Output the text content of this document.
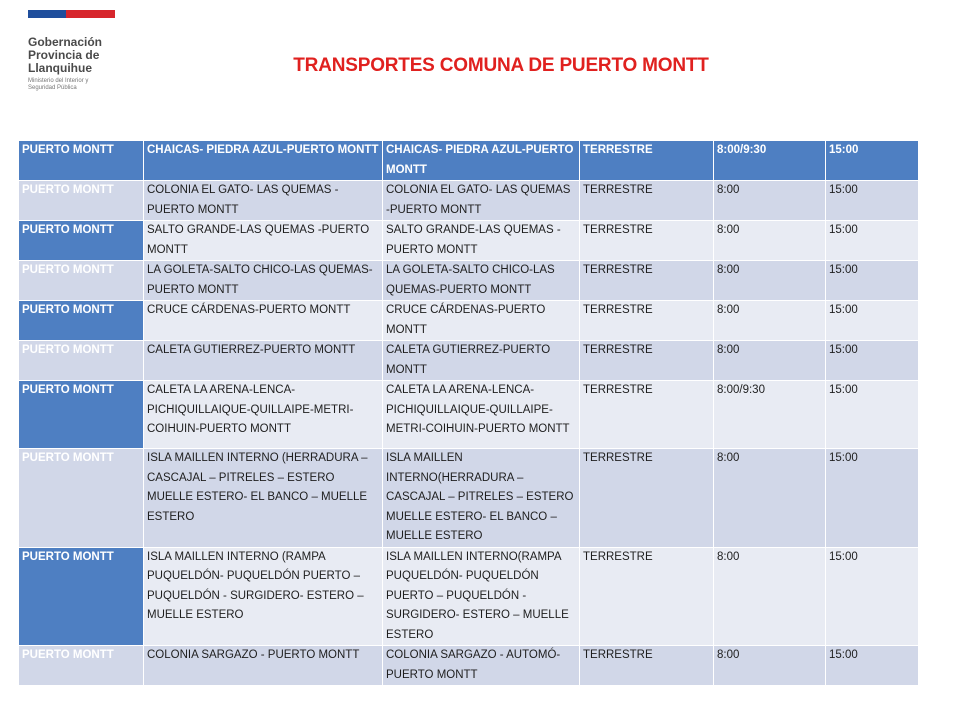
Gobernación
Provincia de
Llanquihue
Ministerio del Interior y
Seguridad Pública
TRANSPORTES COMUNA DE PUERTO MONTT
PUERTO MONTT	CHAICAS- PIEDRA AZUL-PUERTO MONTT	CHAICAS- PIEDRA AZUL-PUERTO MONTT	TERRESTRE	8:00/9:30	15:00
PUERTO MONTT	COLONIA EL GATO- LAS QUEMAS - PUERTO MONTT	COLONIA EL GATO- LAS QUEMAS -PUERTO MONTT	TERRESTRE	8:00	15:00
PUERTO MONTT	SALTO GRANDE-LAS QUEMAS -PUERTO MONTT	SALTO GRANDE-LAS QUEMAS - PUERTO MONTT	TERRESTRE	8:00	15:00
PUERTO MONTT	LA GOLETA-SALTO CHICO-LAS QUEMAS-PUERTO MONTT	LA GOLETA-SALTO CHICO-LAS QUEMAS-PUERTO MONTT	TERRESTRE	8:00	15:00
PUERTO MONTT	CRUCE CÁRDENAS-PUERTO MONTT	CRUCE CÁRDENAS-PUERTO MONTT	TERRESTRE	8:00	15:00
PUERTO MONTT	CALETA GUTIERREZ-PUERTO MONTT	CALETA GUTIERREZ-PUERTO MONTT	TERRESTRE	8:00	15:00
PUERTO MONTT	CALETA LA ARENA-LENCA-PICHIQUILLAIQUE-QUILLAIPE-METRI-COIHUIN-PUERTO MONTT	CALETA LA ARENA-LENCA-PICHIQUILLAIQUE-QUILLAIPE-METRI-COIHUIN-PUERTO MONTT	TERRESTRE	8:00/9:30	15:00
PUERTO MONTT	ISLA MAILLEN INTERNO (HERRADURA – CASCAJAL – PITRELES – ESTERO MUELLE ESTERO- EL BANCO – MUELLE ESTERO	ISLA MAILLEN INTERNO(HERRADURA – CASCAJAL – PITRELES – ESTERO MUELLE ESTERO- EL BANCO – MUELLE ESTERO	TERRESTRE	8:00	15:00
PUERTO MONTT	ISLA MAILLEN INTERNO (RAMPA PUQUELDÓN- PUQUELDÓN PUERTO – PUQUELDÓN - SURGIDERO- ESTERO – MUELLE ESTERO	ISLA MAILLEN INTERNO(RAMPA PUQUELDÓN- PUQUELDÓN PUERTO – PUQUELDÓN - SURGIDERO- ESTERO – MUELLE ESTERO	TERRESTRE	8:00	15:00
PUERTO MONTT	COLONIA SARGAZO - PUERTO MONTT	COLONIA SARGAZO - AUTOMÓ-PUERTO MONTT	TERRESTRE	8:00	15:00
